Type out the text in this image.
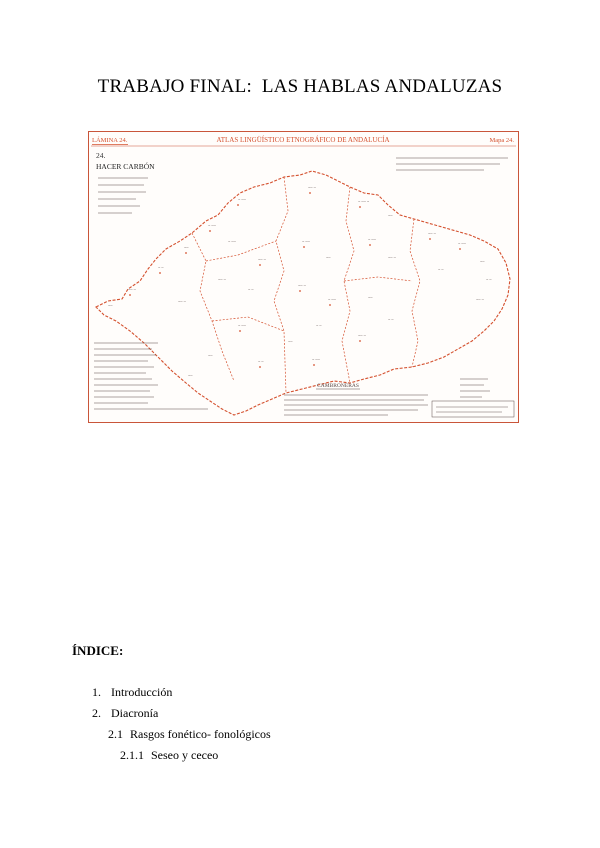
TRABAJO FINAL:  LAS HABLAS ANDALUZAS
LÁMINA 24.	ATLAS LINGÜÍSTICO ETNOGRÁFICO DE ANDALUCÍA	Mapa 24.
24.
HACER CARBÓN
~ ~~
~~ ~
~ ~~ ~
~~
~~ ~
~ ~~
~~
~ ~
~~ ~
~ ~~
~~
~ ~
~~ ~
~~
~ ~~
~~ ~
~ ~~
~~
~ ~~
~~ ~
~ ~
~~ ~
~ ~
~~ ~
~ ~~	~~
~ ~
~~ ~
~ ~~
~~
~ ~
~~ ~
~ ~
~~
~ ~~
~~
CAMBRONERAS
ÍNDICE:
1. Introducción
2. Diacronía
2.1 Rasgos fonético- fonológicos
2.1.1 Seseo y ceceo
